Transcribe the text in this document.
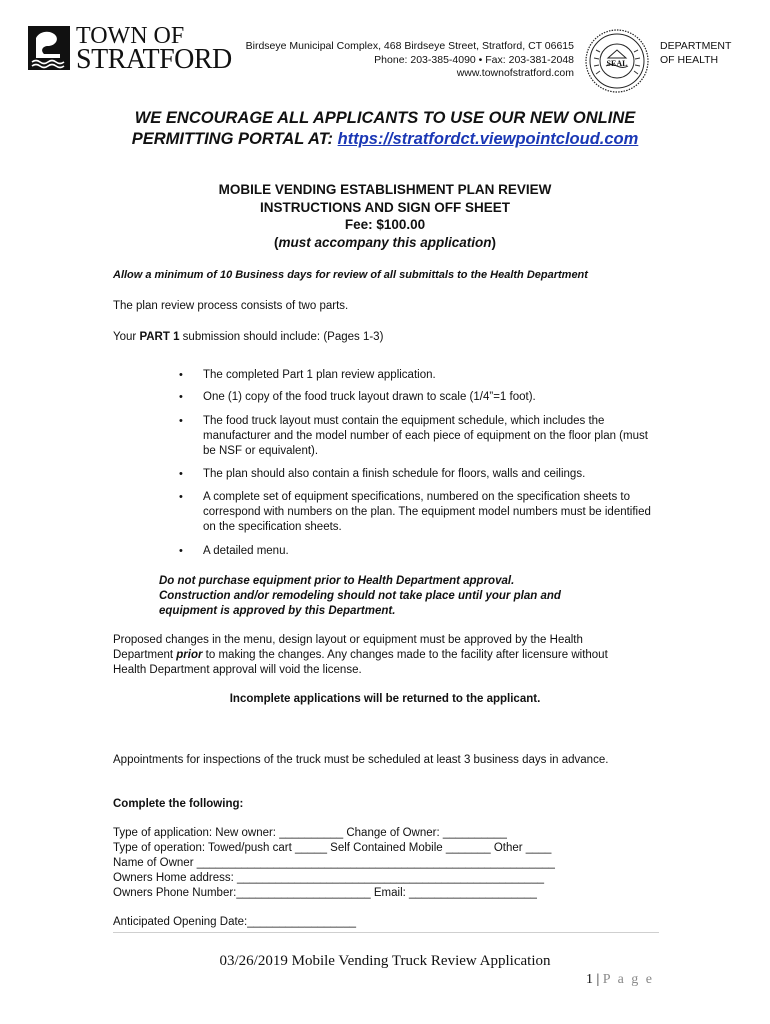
TOWN OF
STRATFORD Birdseye Municipal Complex, 468 Birdseye Street, Stratford, CT 06615
Phone: 203-385-4090 • Fax: 203-381-2048
www.townofstratford.com
SEAL
DEPARTMENT
OF HEALTH
WE ENCOURAGE ALL APPLICANTS TO USE OUR NEW ONLINE
PERMITTING PORTAL AT: https://stratfordct.viewpointcloud.com
MOBILE VENDING ESTABLISHMENT PLAN REVIEW
INSTRUCTIONS AND SIGN OFF SHEET
Fee: $100.00
(must accompany this application)
Allow a minimum of 10 Business days for review of all submittals to the Health Department
The plan review process consists of two parts.
Your PART 1 submission should include: (Pages 1-3)
• The completed Part 1 plan review application.
• One (1) copy of the food truck layout drawn to scale (1/4”=1 foot).
• The food truck layout must contain the equipment schedule, which includes the manufacturer and the model number of each piece of equipment on the floor plan (must be NSF or equivalent).
• The plan should also contain a finish schedule for floors, walls and ceilings.
• A complete set of equipment specifications, numbered on the specification sheets to correspond with numbers on the plan. The equipment model numbers must be identified on the specification sheets.
• A detailed menu.
Do not purchase equipment prior to Health Department approval.
Construction and/or remodeling should not take place until your plan and
equipment is approved by this Department.
Proposed changes in the menu, design layout or equipment must be approved by the Health
Department prior to making the changes. Any changes made to the facility after licensure without
Health Department approval will void the license.
Incomplete applications will be returned to the applicant.
Appointments for inspections of the truck must be scheduled at least 3 business days in advance.
Complete the following:
Type of application: New owner: __________ Change of Owner: __________
Type of operation: Towed/push cart _____ Self Contained Mobile _______ Other ____
Name of Owner ________________________________________________________
Owners Home address: ________________________________________________
Owners Phone Number:_____________________ Email: ____________________
Anticipated Opening Date:_________________
03/26/2019 Mobile Vending Truck Review Application
1 | P a g e
